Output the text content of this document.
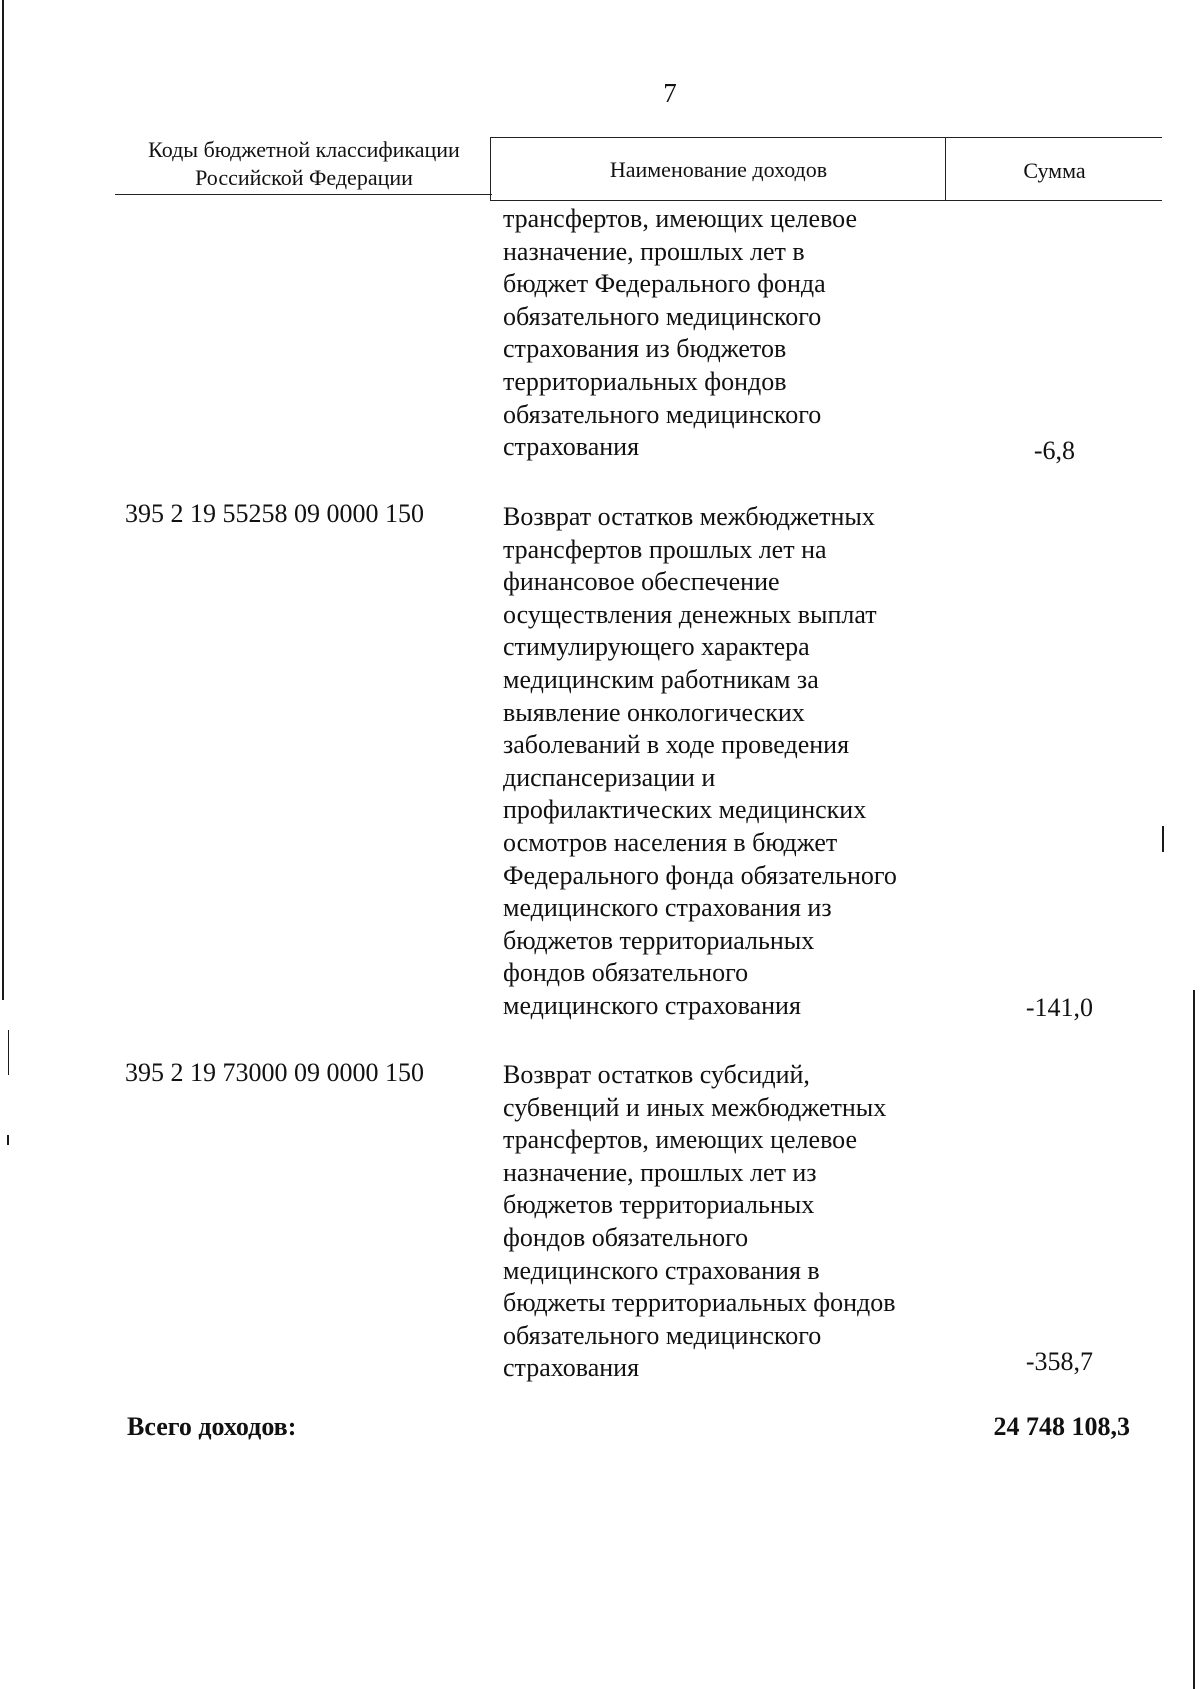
7
Коды бюджетной классификации
Российской Федерации	Наименование доходов	Сумма
трансфертов, имеющих целевое
назначение, прошлых лет в
бюджет Федерального фонда
обязательного медицинского
страхования из бюджетов
территориальных фондов
обязательного медицинского
страхования	-6,8
395 2 19 55258 09 0000 150	Возврат остатков межбюджетных
трансфертов прошлых лет на
финансовое обеспечение
осуществления денежных выплат
стимулирующего характера
медицинским работникам за
выявление онкологических
заболеваний в ходе проведения
диспансеризации и
профилактических медицинских
осмотров населения в бюджет
Федерального фонда обязательного
медицинского страхования из
бюджетов территориальных
фондов обязательного
медицинского страхования	-141,0
395 2 19 73000 09 0000 150	Возврат остатков субсидий,
субвенций и иных межбюджетных
трансфертов, имеющих целевое
назначение, прошлых лет из
бюджетов территориальных
фондов обязательного
медицинского страхования в
бюджеты территориальных фондов
обязательного медицинского
страхования	-358,7
Всего доходов:	24 748 108,3
